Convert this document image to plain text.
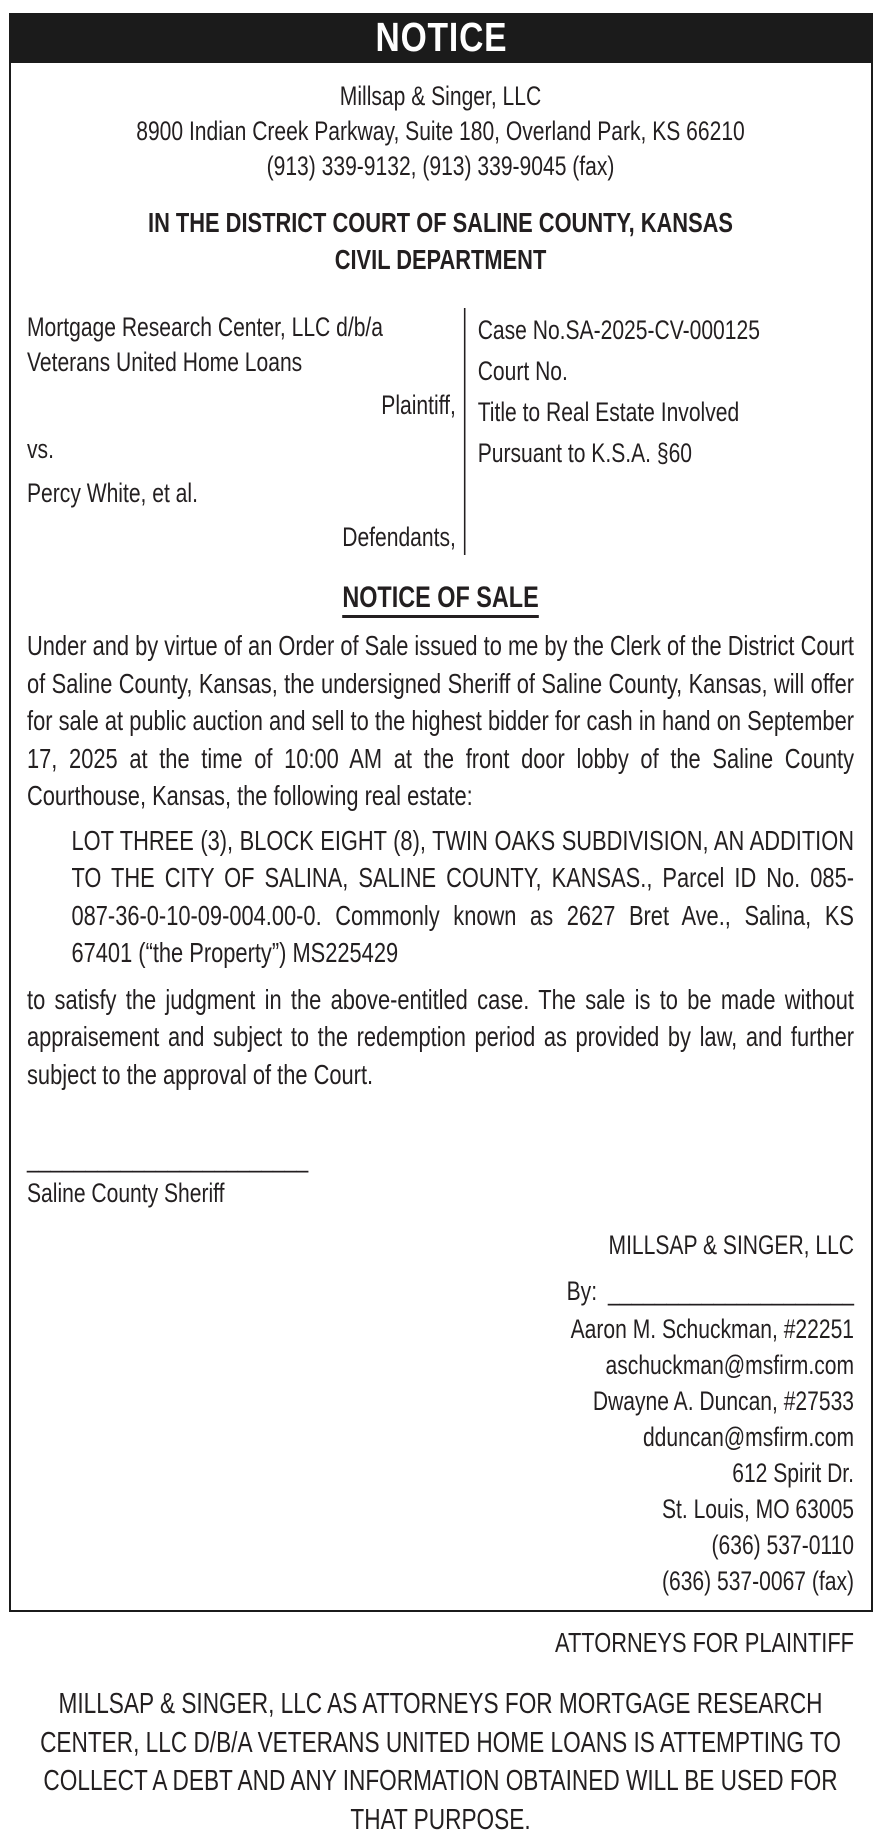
NOTICE
Millsap & Singer, LLC
8900 Indian Creek Parkway, Suite 180, Overland Park, KS 66210
(913) 339-9132, (913) 339-9045 (fax)
IN THE DISTRICT COURT OF SALINE COUNTY, KANSAS
CIVIL DEPARTMENT
Mortgage Research Center, LLC d/b/a
Veterans United Home Loans
Plaintiff,
vs.
Percy White, et al.
Defendants,
Case No.SA-2025-CV-000125
Court No.
Title to Real Estate Involved
Pursuant to K.S.A. §60
NOTICE OF SALE

Under and by virtue of an Order of Sale issued to me by the Clerk of the District Court of Saline County, Kansas, the undersigned Sheriff of Saline County, Kansas, will offer for sale at public auction and sell to the highest bidder for cash in hand on September 17, 2025 at the time of 10:00 AM at the front door lobby of the Saline County Courthouse, Kansas, the following real estate:

LOT THREE (3), BLOCK EIGHT (8), TWIN OAKS SUBDIVISION, AN ADDITION TO THE CITY OF SALINA, SALINE COUNTY, KANSAS., Parcel ID No. 085-087-36-0-10-09-004.00-0. Commonly known as 2627 Bret Ave., Salina, KS 67401 (“the Property”) MS225429

to satisfy the judgment in the above-entitled case. The sale is to be made without appraisement and subject to the redemption period as provided by law, and further subject to the approval of the Court.

________________________
Saline County Sheriff
MILLSAP & SINGER, LLC
By: _____________________
Aaron M. Schuckman, #22251
aschuckman@msfirm.com
Dwayne A. Duncan, #27533
dduncan@msfirm.com
612 Spirit Dr.
St. Louis, MO 63005
(636) 537-0110
(636) 537-0067 (fax)
ATTORNEYS FOR PLAINTIFF

MILLSAP & SINGER, LLC AS ATTORNEYS FOR MORTGAGE RESEARCH CENTER, LLC D/B/A VETERANS UNITED HOME LOANS IS ATTEMPTING TO COLLECT A DEBT AND ANY INFORMATION OBTAINED WILL BE USED FOR THAT PURPOSE.
